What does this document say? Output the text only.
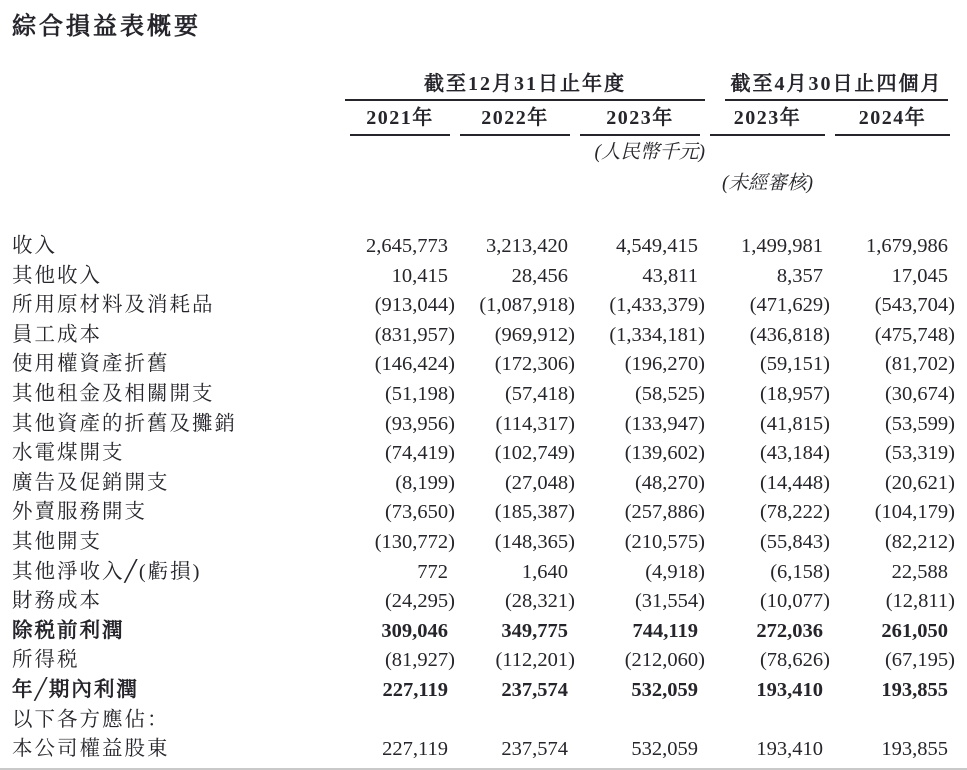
綜合損益表概要
截至12月31日止年度	截至4月30日止四個月
2021年	2022年	2023年	2023年	2024年
(人民幣千元)
(未經審核)
收入	2,645,773	3,213,420	4,549,415	1,499,981	1,679,986
其他收入	10,415	28,456	43,811	8,357	17,045
所用原材料及消耗品	(913,044)	(1,087,918)	(1,433,379)	(471,629)	(543,704)
員工成本	(831,957)	(969,912)	(1,334,181)	(436,818)	(475,748)
使用權資產折舊	(146,424)	(172,306)	(196,270)	(59,151)	(81,702)
其他租金及相關開支	(51,198)	(57,418)	(58,525)	(18,957)	(30,674)
其他資產的折舊及攤銷	(93,956)	(114,317)	(133,947)	(41,815)	(53,599)
水電煤開支	(74,419)	(102,749)	(139,602)	(43,184)	(53,319)
廣告及促銷開支	(8,199)	(27,048)	(48,270)	(14,448)	(20,621)
外賣服務開支	(73,650)	(185,387)	(257,886)	(78,222)	(104,179)
其他開支	(130,772)	(148,365)	(210,575)	(55,843)	(82,212)
其他淨收入╱(虧損)	772	1,640	(4,918)	(6,158)	22,588
財務成本	(24,295)	(28,321)	(31,554)	(10,077)	(12,811)
除税前利潤	309,046	349,775	744,119	272,036	261,050
所得税	(81,927)	(112,201)	(212,060)	(78,626)	(67,195)
年╱期內利潤	227,119	237,574	532,059	193,410	193,855
以下各方應佔：
本公司權益股東	227,119	237,574	532,059	193,410	193,855
